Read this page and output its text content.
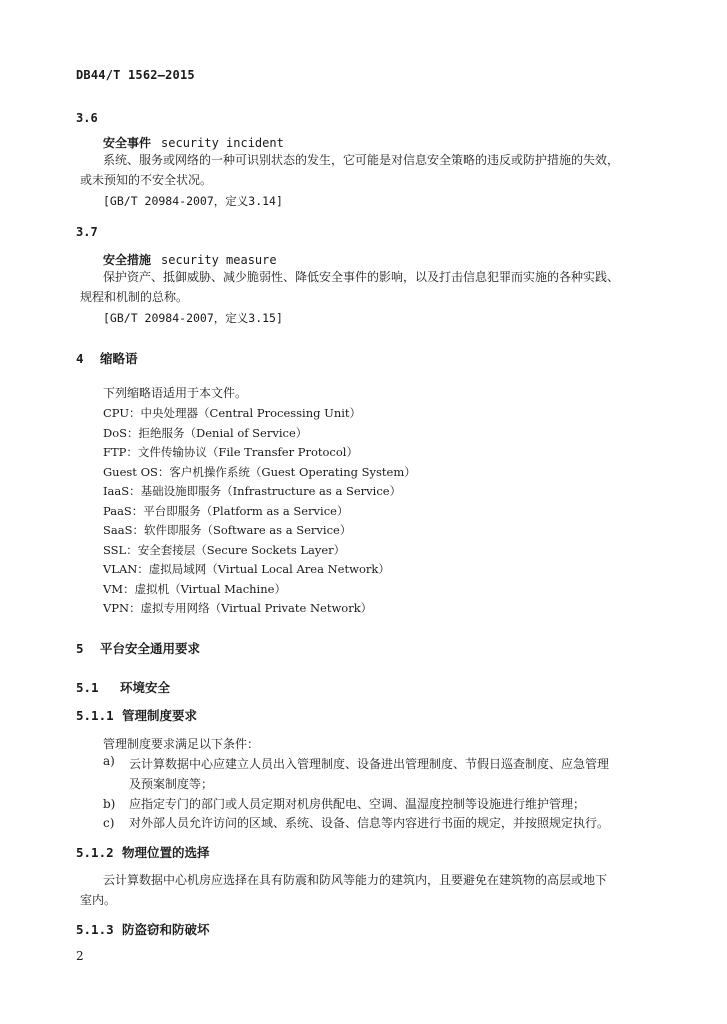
DB44/T 1562—2015
3.6
安全事件 security incident
系统、服务或网络的一种可识别状态的发生，它可能是对信息安全策略的违反或防护措施的失效，
或未预知的不安全状况。
[GB/T 20984-2007，定义3.14]
3.7
安全措施 security measure
保护资产、抵御威胁、减少脆弱性、降低安全事件的影响，以及打击信息犯罪而实施的各种实践、
规程和机制的总称。
[GB/T 20984-2007，定义3.15]
4 缩略语
下列缩略语适用于本文件。
CPU：中央处理器（Central Processing Unit）
DoS：拒绝服务（Denial of Service）
FTP：文件传输协议（File Transfer Protocol）
Guest OS：客户机操作系统（Guest Operating System）
IaaS：基础设施即服务（Infrastructure as a Service）
PaaS：平台即服务（Platform as a Service）
SaaS：软件即服务（Software as a Service）
SSL：安全套接层（Secure Sockets Layer）
VLAN：虚拟局域网（Virtual Local Area Network）
VM：虚拟机（Virtual Machine）
VPN：虚拟专用网络（Virtual Private Network）
5 平台安全通用要求
5.1 环境安全
5.1.1 管理制度要求
管理制度要求满足以下条件：
a) 云计算数据中心应建立人员出入管理制度、设备进出管理制度、节假日巡查制度、应急管理
及预案制度等；
b) 应指定专门的部门或人员定期对机房供配电、空调、温湿度控制等设施进行维护管理；
c) 对外部人员允许访问的区域、系统、设备、信息等内容进行书面的规定，并按照规定执行。
5.1.2 物理位置的选择
云计算数据中心机房应选择在具有防震和防风等能力的建筑内，且要避免在建筑物的高层或地下
室内。
5.1.3 防盗窃和防破坏
2
